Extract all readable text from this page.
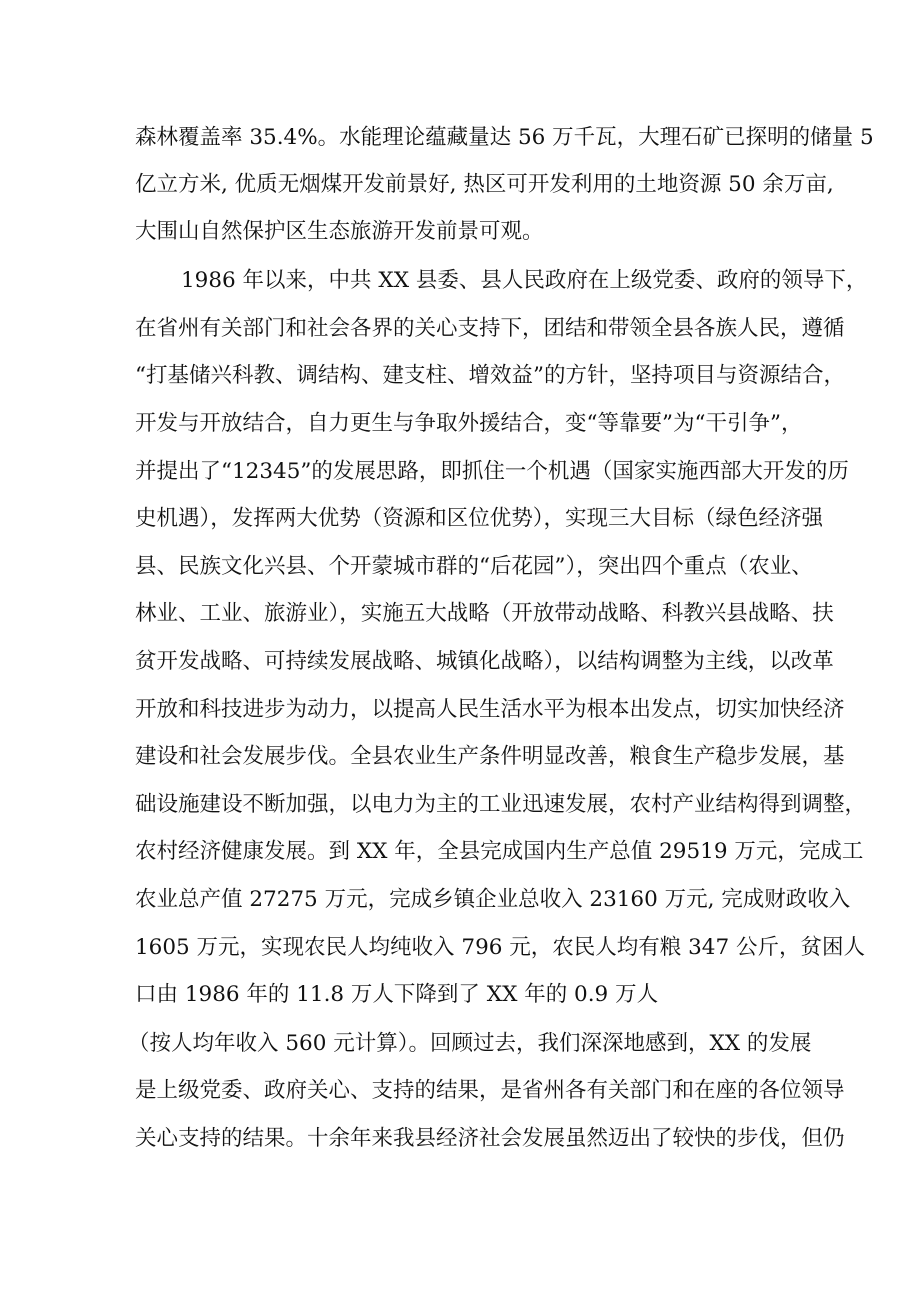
森林覆盖率 35.4%。水能理论蕴藏量达 56 万千瓦，大理石矿已探明的储量 5
亿立方米, 优质无烟煤开发前景好, 热区可开发利用的土地资源 50 余万亩,
大围山自然保护区生态旅游开发前景可观。
1986 年以来，中共 XX 县委、县人民政府在上级党委、政府的领导下，
在省州有关部门和社会各界的关心支持下，团结和带领全县各族人民，遵循
“打基储兴科教、调结构、建支柱、增效益”的方针，坚持项目与资源结合，
开发与开放结合，自力更生与争取外援结合，变“等靠要”为“干引争”，
并提出了“12345”的发展思路，即抓住一个机遇（国家实施西部大开发的历
史机遇），发挥两大优势（资源和区位优势），实现三大目标（绿色经济强
县、民族文化兴县、个开蒙城市群的“后花园”），突出四个重点（农业、
林业、工业、旅游业），实施五大战略（开放带动战略、科教兴县战略、扶
贫开发战略、可持续发展战略、城镇化战略），以结构调整为主线，以改革
开放和科技进步为动力，以提高人民生活水平为根本出发点，切实加快经济
建设和社会发展步伐。全县农业生产条件明显改善，粮食生产稳步发展，基
础设施建设不断加强，以电力为主的工业迅速发展，农村产业结构得到调整，
农村经济健康发展。到 XX 年，全县完成国内生产总值 29519 万元，完成工
农业总产值 27275 万元，完成乡镇企业总收入 23160 万元, 完成财政收入
1605 万元，实现农民人均纯收入 796 元，农民人均有粮 347 公斤，贫困人
口由 1986 年的 11.8 万人下降到了 XX 年的 0.9 万人
（按人均年收入 560 元计算）。回顾过去，我们深深地感到，XX 的发展
是上级党委、政府关心、支持的结果，是省州各有关部门和在座的各位领导
关心支持的结果。十余年来我县经济社会发展虽然迈出了较快的步伐，但仍
